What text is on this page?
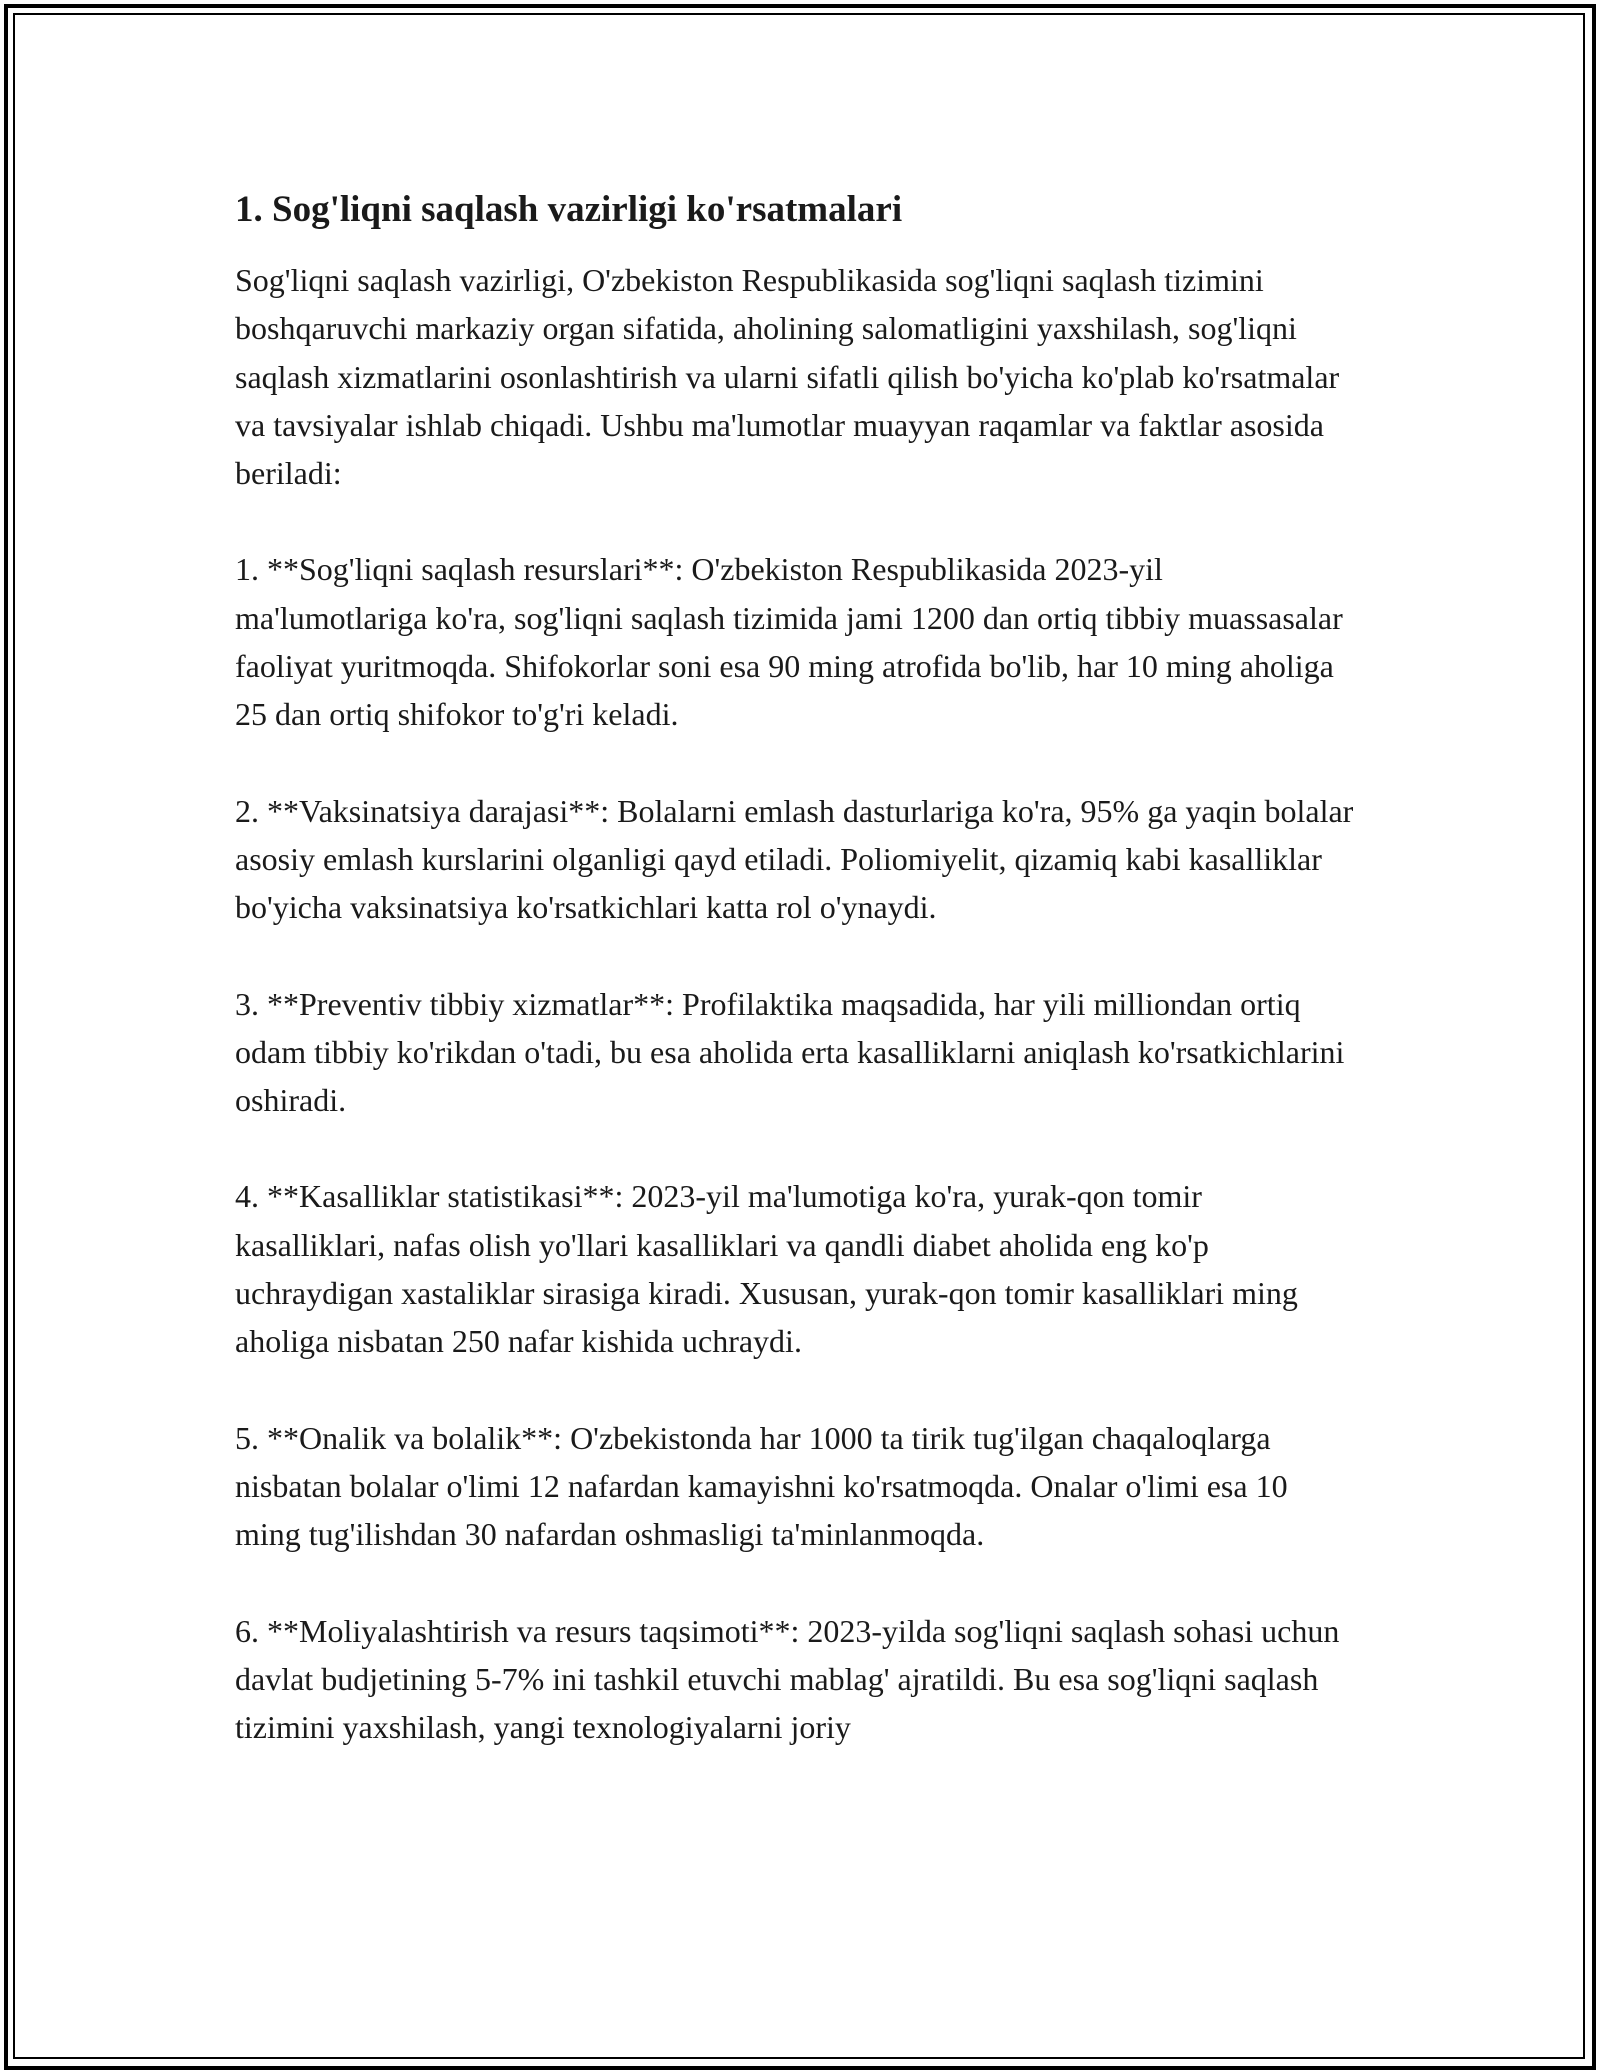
1. Sog'liqni saqlash vazirligi ko'rsatmalari

Sog'liqni saqlash vazirligi, O'zbekiston Respublikasida sog'liqni saqlash tizimini boshqaruvchi markaziy organ sifatida, aholining salomatligini yaxshilash, sog'liqni saqlash xizmatlarini osonlashtirish va ularni sifatli qilish bo'yicha ko'plab ko'rsatmalar va tavsiyalar ishlab chiqadi. Ushbu ma'lumotlar muayyan raqamlar va faktlar asosida beriladi:

1. **Sog'liqni saqlash resurslari**: O'zbekiston Respublikasida 2023-yil ma'lumotlariga ko'ra, sog'liqni saqlash tizimida jami 1200 dan ortiq tibbiy muassasalar faoliyat yuritmoqda. Shifokorlar soni esa 90 ming atrofida bo'lib, har 10 ming aholiga 25 dan ortiq shifokor to'g'ri keladi.

2. **Vaksinatsiya darajasi**: Bolalarni emlash dasturlariga ko'ra, 95% ga yaqin bolalar asosiy emlash kurslarini olganligi qayd etiladi. Poliomiyelit, qizamiq kabi kasalliklar bo'yicha vaksinatsiya ko'rsatkichlari katta rol o'ynaydi.

3. **Preventiv tibbiy xizmatlar**: Profilaktika maqsadida, har yili milliondan ortiq odam tibbiy ko'rikdan o'tadi, bu esa aholida erta kasalliklarni aniqlash ko'rsatkichlarini oshiradi.

4. **Kasalliklar statistikasi**: 2023-yil ma'lumotiga ko'ra, yurak-qon tomir kasalliklari, nafas olish yo'llari kasalliklari va qandli diabet aholida eng ko'p uchraydigan xastaliklar sirasiga kiradi. Xususan, yurak-qon tomir kasalliklari ming aholiga nisbatan 250 nafar kishida uchraydi.

5. **Onalik va bolalik**: O'zbekistonda har 1000 ta tirik tug'ilgan chaqaloqlarga nisbatan bolalar o'limi 12 nafardan kamayishni ko'rsatmoqda. Onalar o'limi esa 10 ming tug'ilishdan 30 nafardan oshmasligi ta'minlanmoqda.

6. **Moliyalashtirish va resurs taqsimoti**: 2023-yilda sog'liqni saqlash sohasi uchun davlat budjetining 5-7% ini tashkil etuvchi mablag' ajratildi. Bu esa sog'liqni saqlash tizimini yaxshilash, yangi texnologiyalarni joriy
